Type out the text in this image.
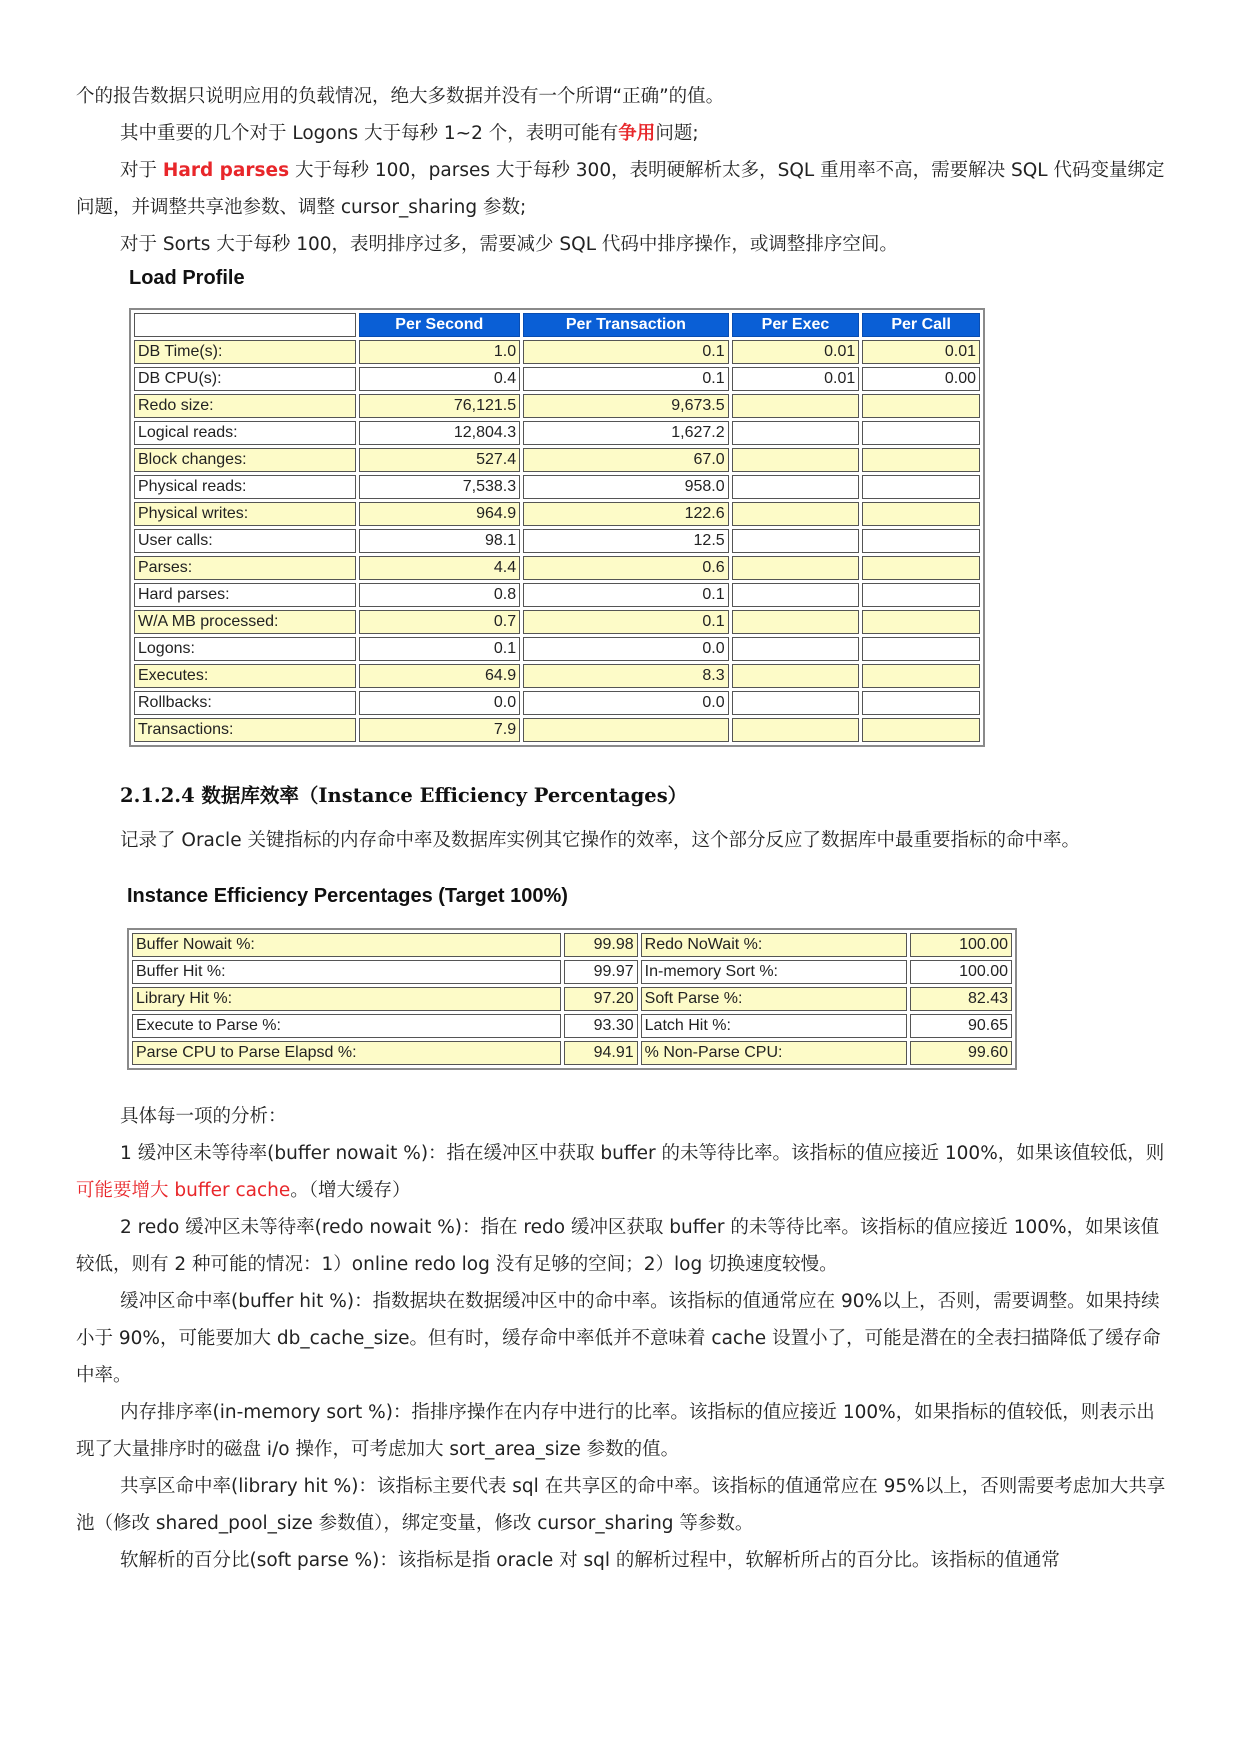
个的报告数据只说明应用的负载情况，绝大多数据并没有一个所谓“正确”的值。

其中重要的几个对于 Logons 大于每秒 1~2 个，表明可能有争用问题;

对于 Hard parses 大于每秒 100，parses 大于每秒 300，表明硬解析太多，SQL 重用率不高，需要解决 SQL 代码变量绑定问题，并调整共享池参数、调整 cursor_sharing 参数;

对于 Sorts 大于每秒 100，表明排序过多，需要减少 SQL 代码中排序操作，或调整排序空间。

Load Profile
	Per Second	Per Transaction	Per Exec	Per Call
DB Time(s):	1.0	0.1	0.01	0.01
DB CPU(s):	0.4	0.1	0.01	0.00
Redo size:	76,121.5	9,673.5		
Logical reads:	12,804.3	1,627.2		
Block changes:	527.4	67.0		
Physical reads:	7,538.3	958.0		
Physical writes:	964.9	122.6		
User calls:	98.1	12.5		
Parses:	4.4	0.6		
Hard parses:	0.8	0.1		
W/A MB processed:	0.7	0.1		
Logons:	0.1	0.0		
Executes:	64.9	8.3		
Rollbacks:	0.0	0.0		
Transactions:	7.9			

2.1.2.4 数据库效率（Instance Efficiency Percentages）

记录了 Oracle 关键指标的内存命中率及数据库实例其它操作的效率，这个部分反应了数据库中最重要指标的命中率。

Instance Efficiency Percentages (Target 100%)
Buffer Nowait %:	99.98	Redo NoWait %:	100.00
Buffer Hit %:	99.97	In-memory Sort %:	100.00
Library Hit %:	97.20	Soft Parse %:	82.43
Execute to Parse %:	93.30	Latch Hit %:	90.65
Parse CPU to Parse Elapsd %:	94.91	% Non-Parse CPU:	99.60

具体每一项的分析：

1 缓冲区未等待率(buffer nowait %)：指在缓冲区中获取 buffer 的未等待比率。该指标的值应接近 100%，如果该值较低，则可能要增大 buffer cache。（增大缓存）

2 redo 缓冲区未等待率(redo nowait %)：指在 redo 缓冲区获取 buffer 的未等待比率。该指标的值应接近 100%，如果该值较低，则有 2 种可能的情况：1）online redo log 没有足够的空间；2）log 切换速度较慢。

缓冲区命中率(buffer hit %)：指数据块在数据缓冲区中的命中率。该指标的值通常应在 90%以上，否则，需要调整。如果持续小于 90%，可能要加大 db_cache_size。但有时，缓存命中率低并不意味着 cache 设置小了，可能是潜在的全表扫描降低了缓存命中率。

内存排序率(in-memory sort %)：指排序操作在内存中进行的比率。该指标的值应接近 100%，如果指标的值较低，则表示出现了大量排序时的磁盘 i/o 操作，可考虑加大 sort_area_size 参数的值。

共享区命中率(library hit %)：该指标主要代表 sql 在共享区的命中率。该指标的值通常应在 95%以上，否则需要考虑加大共享池（修改 shared_pool_size 参数值），绑定变量，修改 cursor_sharing 等参数。

软解析的百分比(soft parse %)：该指标是指 oracle 对 sql 的解析过程中，软解析所占的百分比。该指标的值通常
